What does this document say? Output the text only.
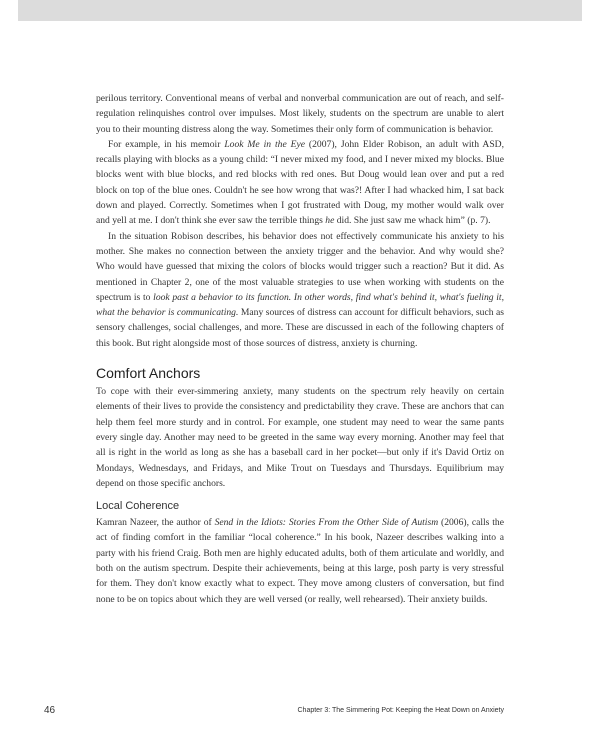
perilous territory. Conventional means of verbal and nonverbal communication are out of reach, and self-regulation relinquishes control over impulses. Most likely, students on the spectrum are unable to alert you to their mounting distress along the way. Sometimes their only form of communication is behavior.

For example, in his memoir Look Me in the Eye (2007), John Elder Robison, an adult with ASD, recalls playing with blocks as a young child: “I never mixed my food, and I never mixed my blocks. Blue blocks went with blue blocks, and red blocks with red ones. But Doug would lean over and put a red block on top of the blue ones. Couldn't he see how wrong that was?! After I had whacked him, I sat back down and played. Correctly. Sometimes when I got frustrated with Doug, my mother would walk over and yell at me. I don't think she ever saw the terrible things he did. She just saw me whack him” (p. 7).

In the situation Robison describes, his behavior does not effectively communicate his anxiety to his mother. She makes no connection between the anxiety trigger and the behavior. And why would she? Who would have guessed that mixing the colors of blocks would trigger such a reaction? But it did. As mentioned in Chapter 2, one of the most valuable strategies to use when working with students on the spectrum is to look past a behavior to its function. In other words, find what's behind it, what's fueling it, what the behavior is communicating. Many sources of distress can account for difficult behaviors, such as sensory challenges, social challenges, and more. These are discussed in each of the following chapters of this book. But right alongside most of those sources of distress, anxiety is churning.

Comfort Anchors

To cope with their ever-simmering anxiety, many students on the spectrum rely heavily on certain elements of their lives to provide the consistency and predictability they crave. These are anchors that can help them feel more sturdy and in control. For example, one student may need to wear the same pants every single day. Another may need to be greeted in the same way every morning. Another may feel that all is right in the world as long as she has a baseball card in her pocket—but only if it's David Ortiz on Mondays, Wednesdays, and Fridays, and Mike Trout on Tuesdays and Thursdays. Equilibrium may depend on those specific anchors.

Local Coherence

Kamran Nazeer, the author of Send in the Idiots: Stories From the Other Side of Autism (2006), calls the act of finding comfort in the familiar “local coherence.” In his book, Nazeer describes walking into a party with his friend Craig. Both men are highly educated adults, both of them articulate and worldly, and both on the autism spectrum. Despite their achievements, being at this large, posh party is very stressful for them. They don't know exactly what to expect. They move among clusters of conversation, but find none to be on topics about which they are well versed (or really, well rehearsed). Their anxiety builds.

46	Chapter 3: The Simmering Pot: Keeping the Heat Down on Anxiety
